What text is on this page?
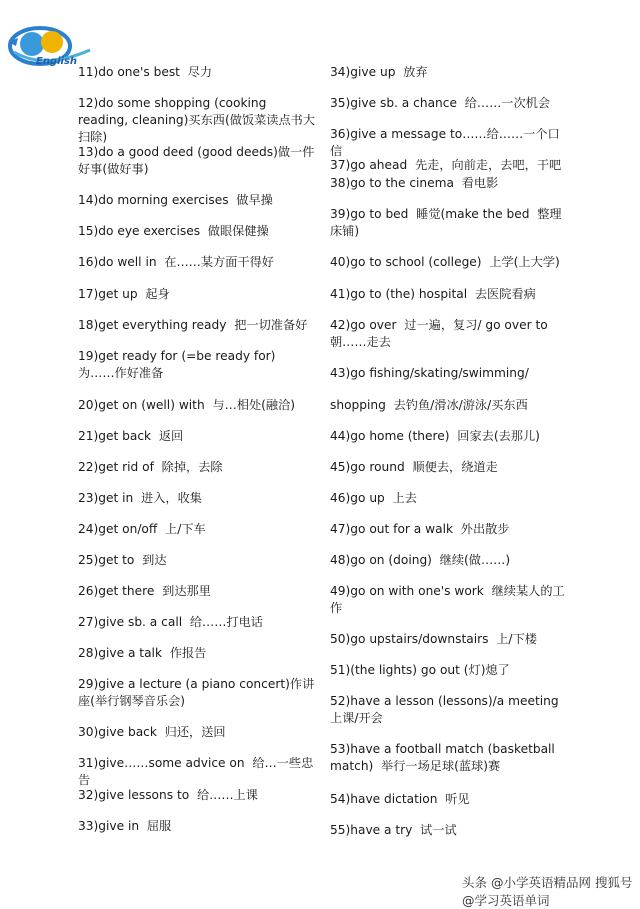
English
11)do one's best  尽力
12)do some shopping (cooking reading, cleaning)买东西(做饭菜读点书大扫除)
13)do a good deed (good deeds)做一件好事(做好事)
14)do morning exercises  做早操
15)do eye exercises  做眼保健操
16)do well in  在……某方面干得好
17)get up  起身
18)get everything ready  把一切准备好
19)get ready for (=be ready for)  为……作好准备
20)get on (well) with  与…相处(融洽)
21)get back  返回
22)get rid of  除掉，去除
23)get in  进入，收集
24)get on/off  上/下车
25)get to  到达
26)get there  到达那里
27)give sb. a call  给……打电话
28)give a talk  作报告
29)give a lecture (a piano concert)作讲座(举行钢琴音乐会)
30)give back  归还，送回
31)give……some advice on  给…一些忠告
32)give lessons to  给……上课
33)give in  屈服
34)give up  放弃
35)give sb. a chance  给……一次机会
36)give a message to……给……一个口信
37)go ahead  先走，向前走，去吧，干吧
38)go to the cinema  看电影
39)go to bed  睡觉(make the bed  整理床铺)
40)go to school (college)  上学(上大学)
41)go to (the) hospital  去医院看病
42)go over  过一遍，复习/ go over to 朝……走去
43)go fishing/skating/swimming/
shopping  去钓鱼/滑冰/游泳/买东西
44)go home (there)  回家去(去那儿)
45)go round  顺便去，绕道走
46)go up  上去
47)go out for a walk  外出散步
48)go on (doing)  继续(做……)
49)go on with one's work  继续某人的工作
50)go upstairs/downstairs  上/下楼
51)(the lights) go out (灯)熄了
52)have a lesson (lessons)/a meeting  上课/开会
53)have a football match (basketball match)  举行一场足球(蓝球)赛
54)have dictation  听见
55)have a try  试一试
头条 @小学英语精品网 搜狐号@学习英语单词
